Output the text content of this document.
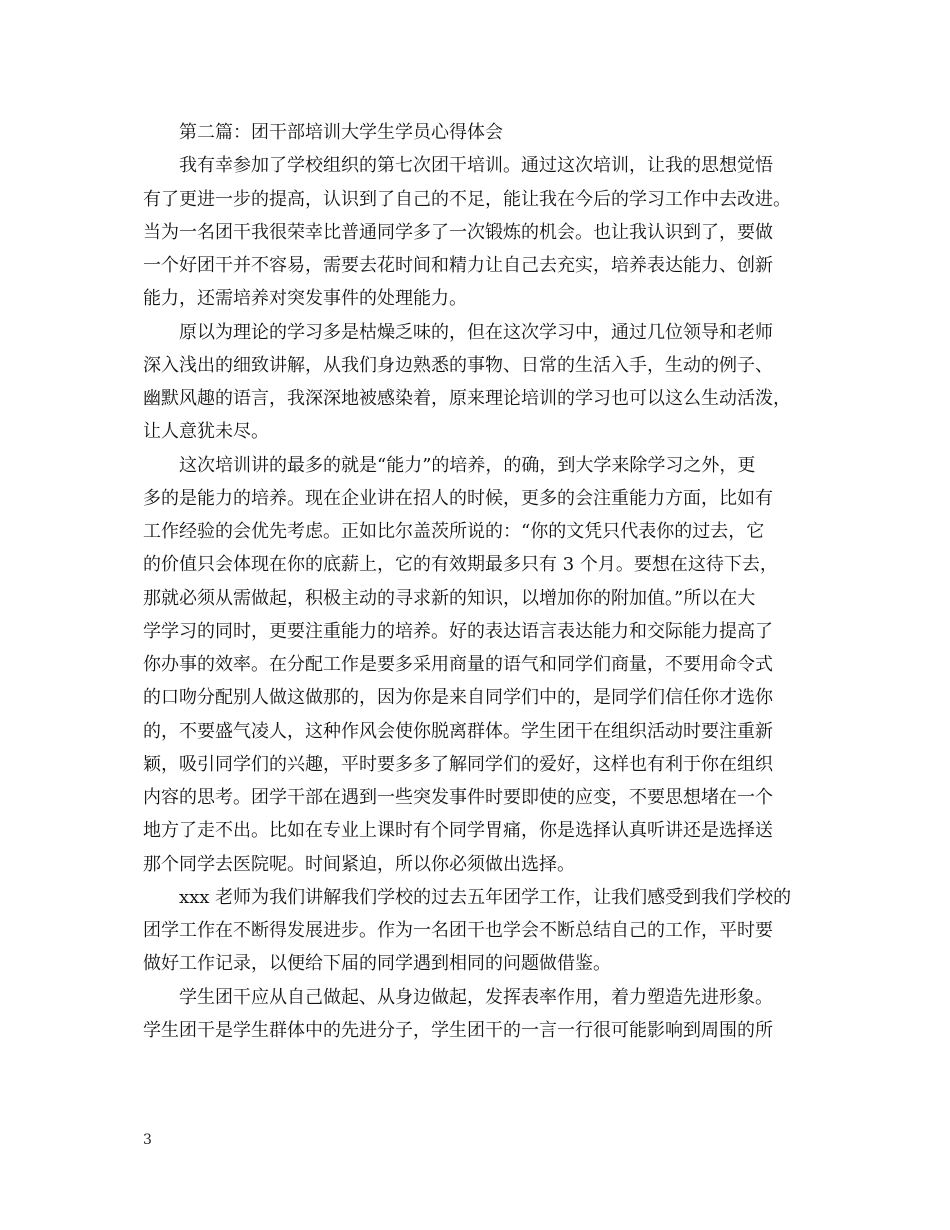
第二篇：团干部培训大学生学员心得体会
我有幸参加了学校组织的第七次团干培训。通过这次培训，让我的思想觉悟
有了更进一步的提高，认识到了自己的不足，能让我在今后的学习工作中去改进。
当为一名团干我很荣幸比普通同学多了一次锻炼的机会。也让我认识到了，要做
一个好团干并不容易，需要去花时间和精力让自己去充实，培养表达能力、创新
能力，还需培养对突发事件的处理能力。
原以为理论的学习多是枯燥乏味的，但在这次学习中，通过几位领导和老师
深入浅出的细致讲解，从我们身边熟悉的事物、日常的生活入手，生动的例子、
幽默风趣的语言，我深深地被感染着，原来理论培训的学习也可以这么生动活泼，
让人意犹未尽。
这次培训讲的最多的就是“能力”的培养，的确，到大学来除学习之外，更
多的是能力的培养。现在企业讲在招人的时候，更多的会注重能力方面，比如有
工作经验的会优先考虑。正如比尔盖茨所说的：“你的文凭只代表你的过去，它
的价值只会体现在你的底薪上，它的有效期最多只有 3 个月。要想在这待下去，
那就必须从需做起，积极主动的寻求新的知识，以增加你的附加值。”所以在大
学学习的同时，更要注重能力的培养。好的表达语言表达能力和交际能力提高了
你办事的效率。在分配工作是要多采用商量的语气和同学们商量，不要用命令式
的口吻分配别人做这做那的，因为你是来自同学们中的，是同学们信任你才选你
的，不要盛气凌人，这种作风会使你脱离群体。学生团干在组织活动时要注重新
颖，吸引同学们的兴趣，平时要多多了解同学们的爱好，这样也有利于你在组织
内容的思考。团学干部在遇到一些突发事件时要即使的应变，不要思想堵在一个
地方了走不出。比如在专业上课时有个同学胃痛，你是选择认真听讲还是选择送
那个同学去医院呢。时间紧迫，所以你必须做出选择。
xxx 老师为我们讲解我们学校的过去五年团学工作，让我们感受到我们学校的
团学工作在不断得发展进步。作为一名团干也学会不断总结自己的工作，平时要
做好工作记录，以便给下届的同学遇到相同的问题做借鉴。
学生团干应从自己做起、从身边做起，发挥表率作用，着力塑造先进形象。
学生团干是学生群体中的先进分子，学生团干的一言一行很可能影响到周围的所
3
